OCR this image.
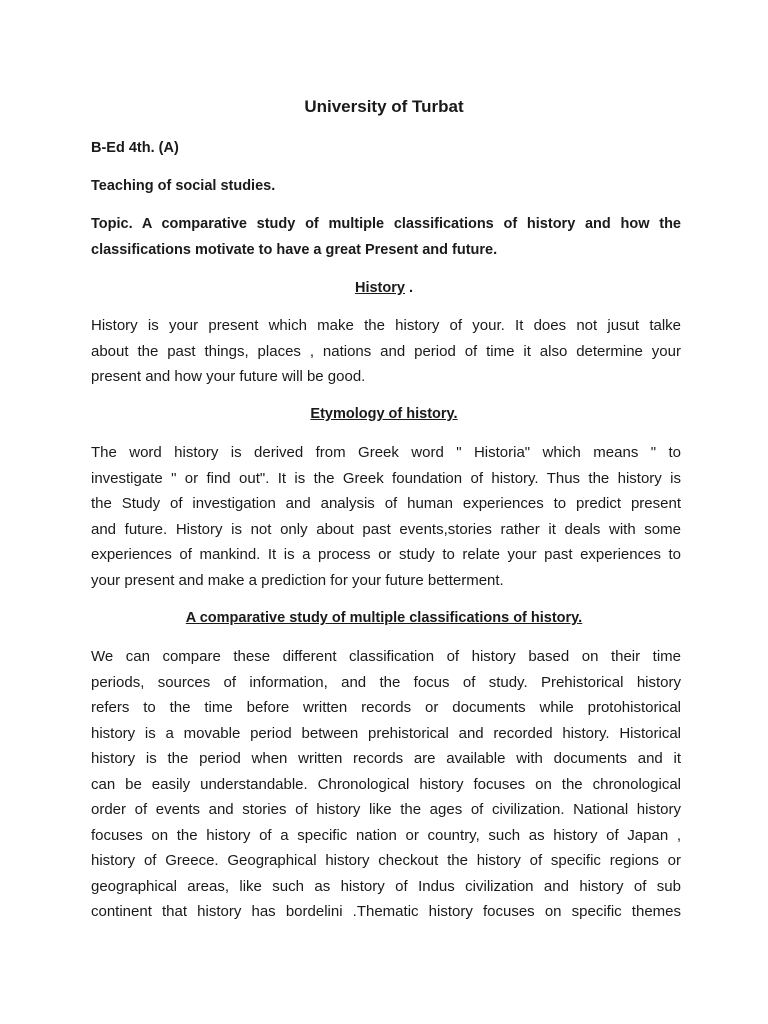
University of Turbat
B-Ed 4th. (A)
Teaching of social studies.
Topic. A comparative study of multiple classifications of history and how the
classifications motivate to have a great Present and future.
History .
History is your present which make the history of your. It does not jusut talke
about the past things, places , nations and period of time it also determine your
present and how your future will be good.
Etymology of history.
The word history is derived from Greek word " Historia" which means " to
investigate " or find out". It is the Greek foundation of history. Thus the history is
the Study of investigation and analysis of human experiences to predict present
and future. History is not only about past events,stories rather it deals with some
experiences of mankind. It is a process or study to relate your past experiences to
your present and make a prediction for your future betterment.
A comparative study of multiple classifications of history.
We can compare these different classification of history based on their time
periods, sources of information, and the focus of study. Prehistorical history
refers to the time before written records or documents while protohistorical
history is a movable period between prehistorical and recorded history. Historical
history is the period when written records are available with documents and it
can be easily understandable. Chronological history focuses on the chronological
order of events and stories of history like the ages of civilization. National history
focuses on the history of a specific nation or country, such as history of Japan ,
history of Greece. Geographical history checkout the history of specific regions or
geographical areas, like such as history of Indus civilization and history of sub
continent that history has bordelini .Thematic history focuses on specific themes
